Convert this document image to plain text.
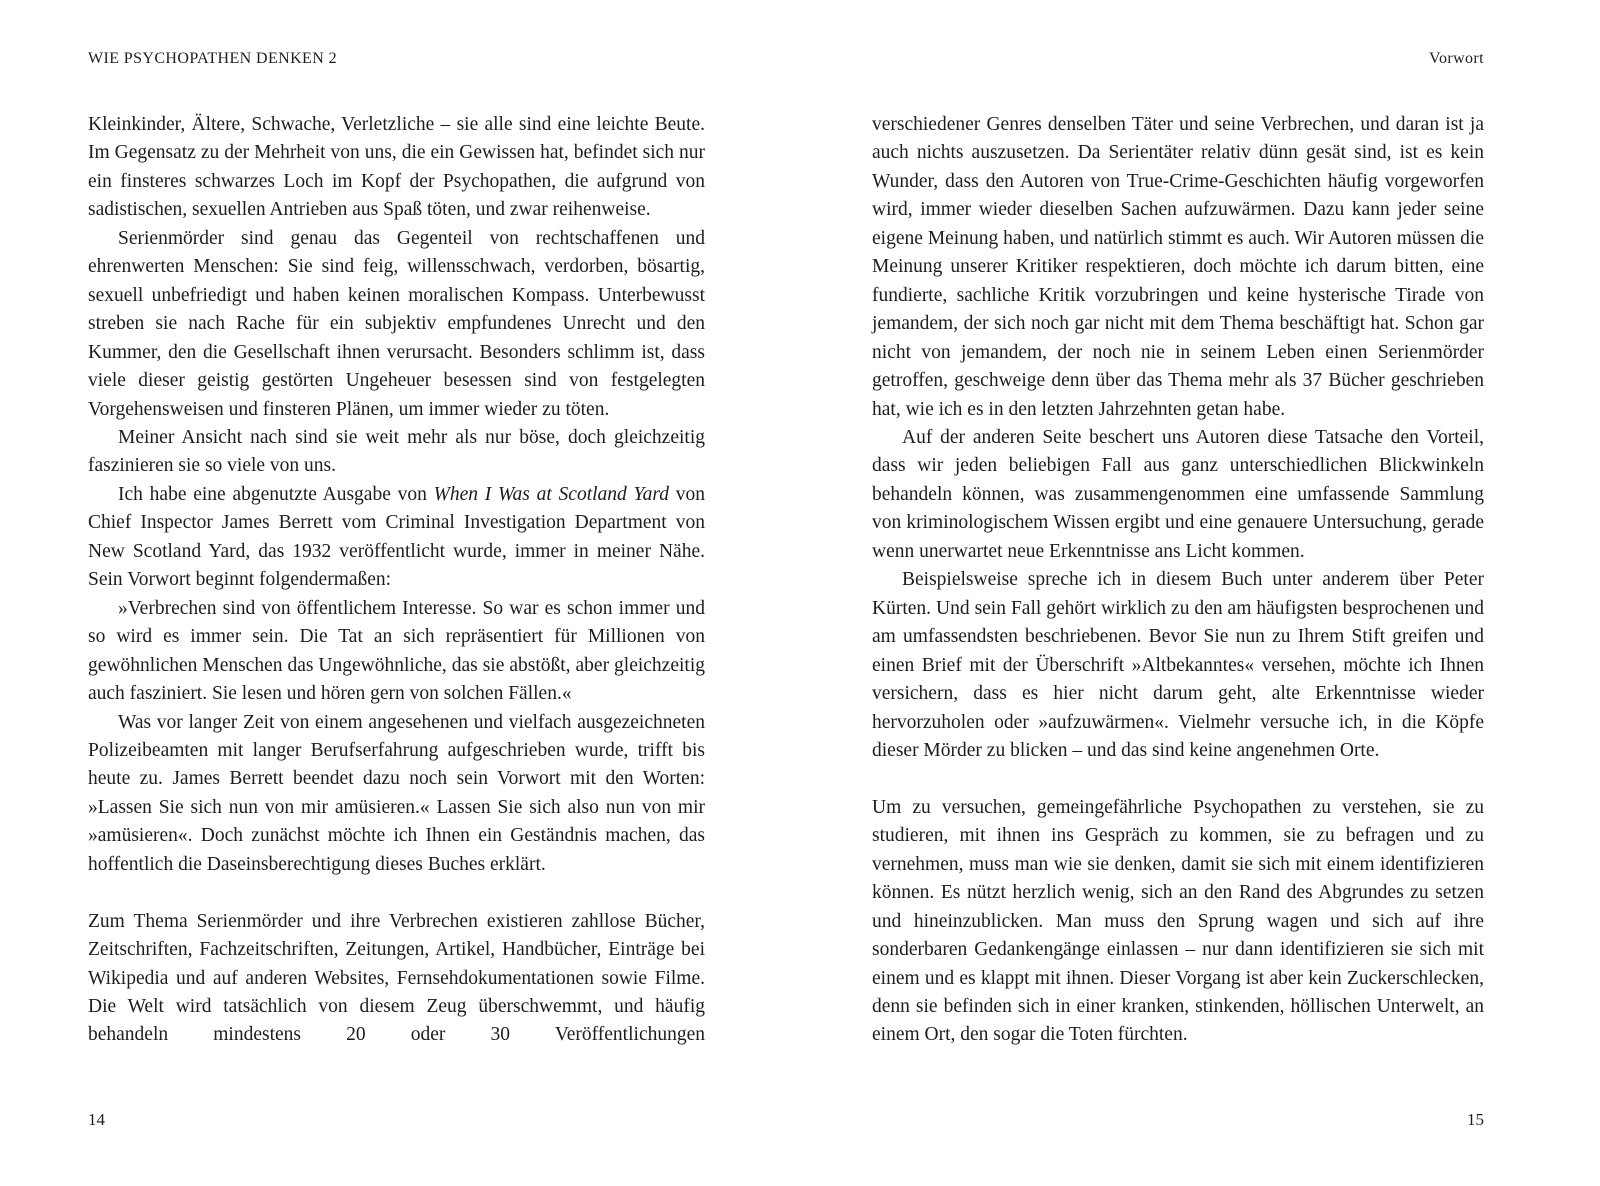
WIE PSYCHOPATHEN DENKEN 2

Kleinkinder, Ältere, Schwache, Verletzliche – sie alle sind eine leichte Beute. Im Gegensatz zu der Mehrheit von uns, die ein Gewissen hat, befindet sich nur ein finsteres schwarzes Loch im Kopf der Psychopathen, die aufgrund von sadistischen, sexuellen Antrieben aus Spaß töten, und zwar reihenweise.

Serienmörder sind genau das Gegenteil von rechtschaffenen und ehrenwerten Menschen: Sie sind feig, willensschwach, verdorben, bösartig, sexuell unbefriedigt und haben keinen moralischen Kompass. Unterbewusst streben sie nach Rache für ein subjektiv empfundenes Unrecht und den Kummer, den die Gesellschaft ihnen verursacht. Besonders schlimm ist, dass viele dieser geistig gestörten Ungeheuer besessen sind von festgelegten Vorgehensweisen und finsteren Plänen, um immer wieder zu töten.

Meiner Ansicht nach sind sie weit mehr als nur böse, doch gleichzeitig faszinieren sie so viele von uns.

Ich habe eine abgenutzte Ausgabe von When I Was at Scotland Yard von Chief Inspector James Berrett vom Criminal Investigation Department von New Scotland Yard, das 1932 veröffentlicht wurde, immer in meiner Nähe. Sein Vorwort beginnt folgendermaßen:

»Verbrechen sind von öffentlichem Interesse. So war es schon immer und so wird es immer sein. Die Tat an sich repräsentiert für Millionen von gewöhnlichen Menschen das Ungewöhnliche, das sie abstößt, aber gleichzeitig auch fasziniert. Sie lesen und hören gern von solchen Fällen.«

Was vor langer Zeit von einem angesehenen und vielfach ausgezeichneten Polizeibeamten mit langer Berufserfahrung aufgeschrieben wurde, trifft bis heute zu. James Berrett beendet dazu noch sein Vorwort mit den Worten: »Lassen Sie sich nun von mir amüsieren.« Lassen Sie sich also nun von mir »amüsieren«. Doch zunächst möchte ich Ihnen ein Geständnis machen, das hoffentlich die Daseinsberechtigung dieses Buches erklärt.

Zum Thema Serienmörder und ihre Verbrechen existieren zahllose Bücher, Zeitschriften, Fachzeitschriften, Zeitungen, Artikel, Handbücher, Einträge bei Wikipedia und auf anderen Websites, Fernsehdokumentationen sowie Filme. Die Welt wird tatsächlich von diesem Zeug überschwemmt, und häufig behandeln mindestens 20 oder 30 Veröffentlichungen

14
Vorwort

verschiedener Genres denselben Täter und seine Verbrechen, und daran ist ja auch nichts auszusetzen. Da Serientäter relativ dünn gesät sind, ist es kein Wunder, dass den Autoren von True-Crime-Geschichten häufig vorgeworfen wird, immer wieder dieselben Sachen aufzuwärmen. Dazu kann jeder seine eigene Meinung haben, und natürlich stimmt es auch. Wir Autoren müssen die Meinung unserer Kritiker respektieren, doch möchte ich darum bitten, eine fundierte, sachliche Kritik vorzubringen und keine hysterische Tirade von jemandem, der sich noch gar nicht mit dem Thema beschäftigt hat. Schon gar nicht von jemandem, der noch nie in seinem Leben einen Serienmörder getroffen, geschweige denn über das Thema mehr als 37 Bücher geschrieben hat, wie ich es in den letzten Jahrzehnten getan habe.

Auf der anderen Seite beschert uns Autoren diese Tatsache den Vorteil, dass wir jeden beliebigen Fall aus ganz unterschiedlichen Blickwinkeln behandeln können, was zusammengenommen eine umfassende Sammlung von kriminologischem Wissen ergibt und eine genauere Untersuchung, gerade wenn unerwartet neue Erkenntnisse ans Licht kommen.

Beispielsweise spreche ich in diesem Buch unter anderem über Peter Kürten. Und sein Fall gehört wirklich zu den am häufigsten besprochenen und am umfassendsten beschriebenen. Bevor Sie nun zu Ihrem Stift greifen und einen Brief mit der Überschrift »Altbekanntes« versehen, möchte ich Ihnen versichern, dass es hier nicht darum geht, alte Erkenntnisse wieder hervorzuholen oder »aufzuwärmen«. Vielmehr versuche ich, in die Köpfe dieser Mörder zu blicken – und das sind keine angenehmen Orte.

Um zu versuchen, gemeingefährliche Psychopathen zu verstehen, sie zu studieren, mit ihnen ins Gespräch zu kommen, sie zu befragen und zu vernehmen, muss man wie sie denken, damit sie sich mit einem identifizieren können. Es nützt herzlich wenig, sich an den Rand des Abgrundes zu setzen und hineinzublicken. Man muss den Sprung wagen und sich auf ihre sonderbaren Gedankengänge einlassen – nur dann identifizieren sie sich mit einem und es klappt mit ihnen. Dieser Vorgang ist aber kein Zuckerschlecken, denn sie befinden sich in einer kranken, stinkenden, höllischen Unterwelt, an einem Ort, den sogar die Toten fürchten.

15
